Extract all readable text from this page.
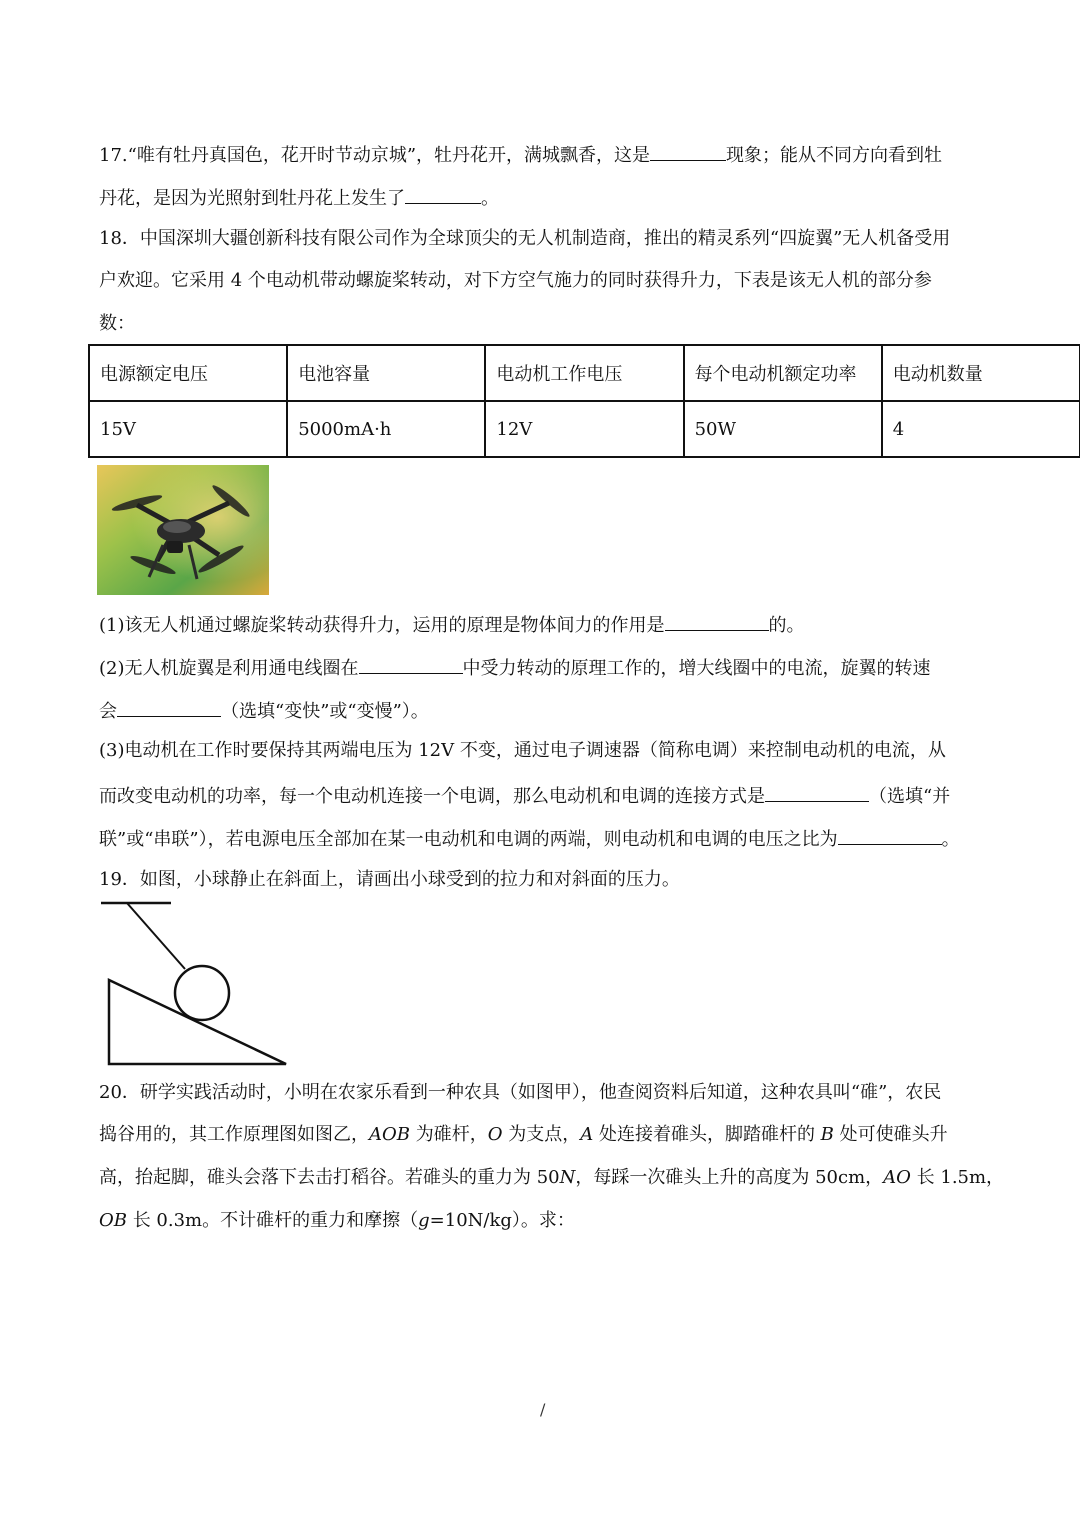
17.“唯有牡丹真国色，花开时节动京城”，牡丹花开，满城飘香，这是	现象；能从不同方向看到牡
丹花，是因为光照射到牡丹花上发生了	。
18．中国深圳大疆创新科技有限公司作为全球顶尖的无人机制造商，推出的精灵系列“四旋翼”无人机备受用
户欢迎。它采用 4 个电动机带动螺旋桨转动，对下方空气施力的同时获得升力，下表是该无人机的部分参
数：
电源额定电压	电池容量	电动机工作电压	每个电动机额定功率	电动机数量
15V	5000mA·h	12V	50W	4
(1)该无人机通过螺旋桨转动获得升力，运用的原理是物体间力的作用是	的。
(2)无人机旋翼是利用通电线圈在	中受力转动的原理工作的，增大线圈中的电流，旋翼的转速
会	（选填“变快”或“变慢”）。
(3)电动机在工作时要保持其两端电压为 12V 不变，通过电子调速器（简称电调）来控制电动机的电流，从
而改变电动机的功率，每一个电动机连接一个电调，那么电动机和电调的连接方式是	（选填“并
联”或“串联”），若电源电压全部加在某一电动机和电调的两端，则电动机和电调的电压之比为	。
19．如图，小球静止在斜面上，请画出小球受到的拉力和对斜面的压力。
20．研学实践活动时，小明在农家乐看到一种农具（如图甲），他查阅资料后知道，这种农具叫“碓”，农民
捣谷用的，其工作原理图如图乙，AOB 为碓杆，O 为支点，A 处连接着碓头，脚踏碓杆的 B 处可使碓头升
高，抬起脚，碓头会落下去击打稻谷。若碓头的重力为 50N，每踩一次碓头上升的高度为 50cm，AO 长 1.5m，
OB 长 0.3m。不计碓杆的重力和摩擦（g=10N/kg）。求：
/
